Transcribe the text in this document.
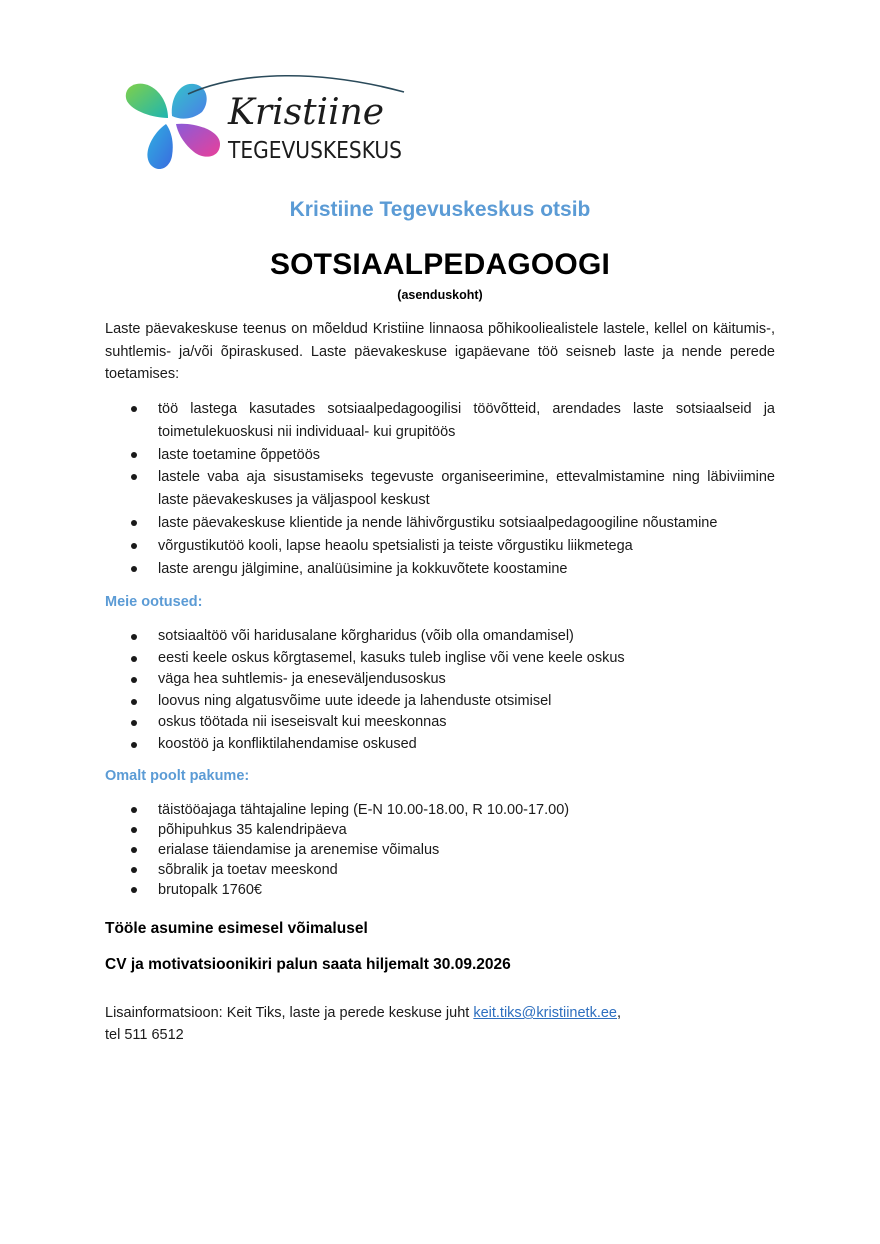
Kristiine
TEGEVUSKESKUS
Kristiine Tegevuskeskus otsib
SOTSIAALPEDAGOOGI
(asenduskoht)
Laste päevakeskuse teenus on mõeldud Kristiine linnaosa põhikooliealistele lastele, kellel on käitumis-, suhtlemis- ja/või õpiraskused. Laste päevakeskuse igapäevane töö seisneb laste ja nende perede toetamises:
töö lastega kasutades sotsiaalpedagoogilisi töövõtteid, arendades laste sotsiaalseid ja toimetulekuoskusi nii individuaal- kui grupitöös
laste toetamine õppetöös
lastele vaba aja sisustamiseks tegevuste organiseerimine, ettevalmistamine ning läbiviimine laste päevakeskuses ja väljaspool keskust
laste päevakeskuse klientide ja nende lähivõrgustiku sotsiaalpedagoogiline nõustamine
võrgustikutöö kooli, lapse heaolu spetsialisti ja teiste võrgustiku liikmetega
laste arengu jälgimine, analüüsimine ja kokkuvõtete koostamine
Meie ootused:
sotsiaaltöö või haridusalane kõrgharidus (võib olla omandamisel)
eesti keele oskus kõrgtasemel, kasuks tuleb inglise või vene keele oskus
väga hea suhtlemis- ja eneseväljendusoskus
loovus ning algatusvõime uute ideede ja lahenduste otsimisel
oskus töötada nii iseseisvalt kui meeskonnas
koostöö ja konfliktilahendamise oskused
Omalt poolt pakume:
täistööajaga tähtajaline leping (E-N 10.00-18.00, R 10.00-17.00)
põhipuhkus 35 kalendripäeva
erialase täiendamise ja arenemise võimalus
sõbralik ja toetav meeskond
brutopalk 1760€
Tööle asumine esimesel võimalusel
CV ja motivatsioonikiri palun saata hiljemalt 30.09.2026
Lisainformatsioon: Keit Tiks, laste ja perede keskuse juht keit.tiks@kristiinetk.ee,
tel 511 6512
